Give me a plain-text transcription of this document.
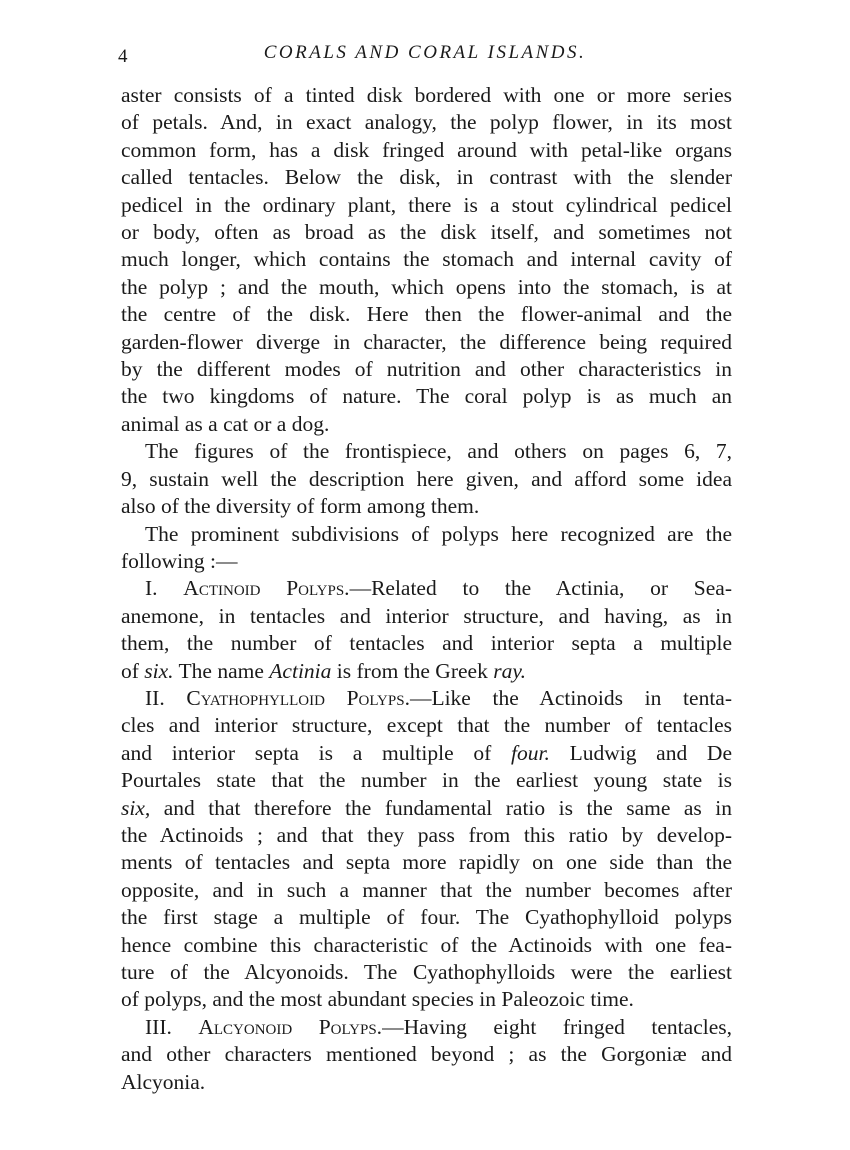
4	CORALS AND CORAL ISLANDS.
aster consists of a tinted disk bordered with one or more series
of petals. And, in exact analogy, the polyp flower, in its most
common form, has a disk fringed around with petal-like organs
called tentacles. Below the disk, in contrast with the slender
pedicel in the ordinary plant, there is a stout cylindrical pedicel
or body, often as broad as the disk itself, and sometimes not
much longer, which contains the stomach and internal cavity of
the polyp ; and the mouth, which opens into the stomach, is at
the centre of the disk. Here then the flower-animal and the
garden-flower diverge in character, the difference being required
by the different modes of nutrition and other characteristics in
the two kingdoms of nature. The coral polyp is as much an
animal as a cat or a dog.
The figures of the frontispiece, and others on pages 6, 7,
9, sustain well the description here given, and afford some idea
also of the diversity of form among them.
The prominent subdivisions of polyps here recognized are the
following :—
I. Actinoid Polyps.—Related to the Actinia, or Sea-
anemone, in tentacles and interior structure, and having, as in
them, the number of tentacles and interior septa a multiple
of six. The name Actinia is from the Greek ray.
II. Cyathophylloid Polyps.—Like the Actinoids in tenta-
cles and interior structure, except that the number of tentacles
and interior septa is a multiple of four. Ludwig and De
Pourtales state that the number in the earliest young state is
six, and that therefore the fundamental ratio is the same as in
the Actinoids ; and that they pass from this ratio by develop-
ments of tentacles and septa more rapidly on one side than the
opposite, and in such a manner that the number becomes after
the first stage a multiple of four. The Cyathophylloid polyps
hence combine this characteristic of the Actinoids with one fea-
ture of the Alcyonoids. The Cyathophylloids were the earliest
of polyps, and the most abundant species in Paleozoic time.
III. Alcyonoid Polyps.—Having eight fringed tentacles,
and other characters mentioned beyond ; as the Gorgoniæ and
Alcyonia.
